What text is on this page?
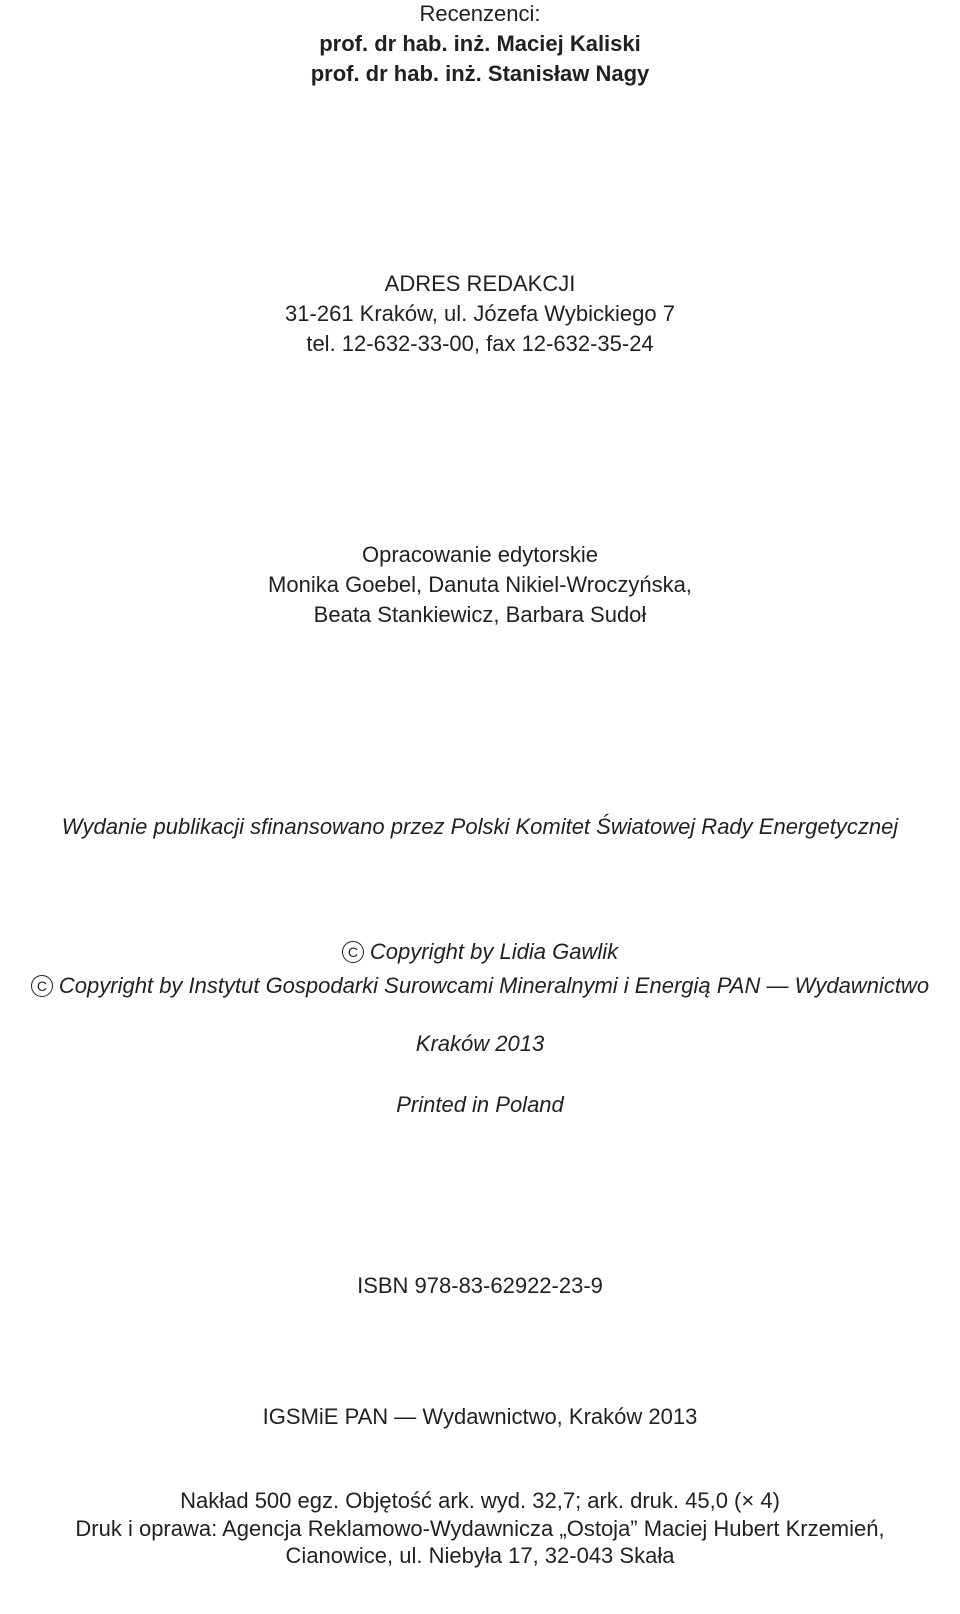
Recenzenci:
prof. dr hab. inż. Maciej Kaliski
prof. dr hab. inż. Stanisław Nagy
ADRES REDAKCJI
31-261 Kraków, ul. Józefa Wybickiego 7
tel. 12-632-33-00, fax 12-632-35-24
Opracowanie edytorskie
Monika Goebel, Danuta Nikiel-Wroczyńska,
Beata Stankiewicz, Barbara Sudoł
Wydanie publikacji sfinansowano przez Polski Komitet Światowej Rady Energetycznej
C Copyright by Lidia Gawlik
C Copyright by Instytut Gospodarki Surowcami Mineralnymi i Energią PAN — Wydawnictwo
Kraków 2013
Printed in Poland
ISBN 978-83-62922-23-9
IGSMiE PAN — Wydawnictwo, Kraków 2013
Nakład 500 egz. Objętość ark. wyd. 32,7; ark. druk. 45,0 (× 4)
Druk i oprawa: Agencja Reklamowo-Wydawnicza „Ostoja” Maciej Hubert Krzemień,
Cianowice, ul. Niebyła 17, 32-043 Skała
